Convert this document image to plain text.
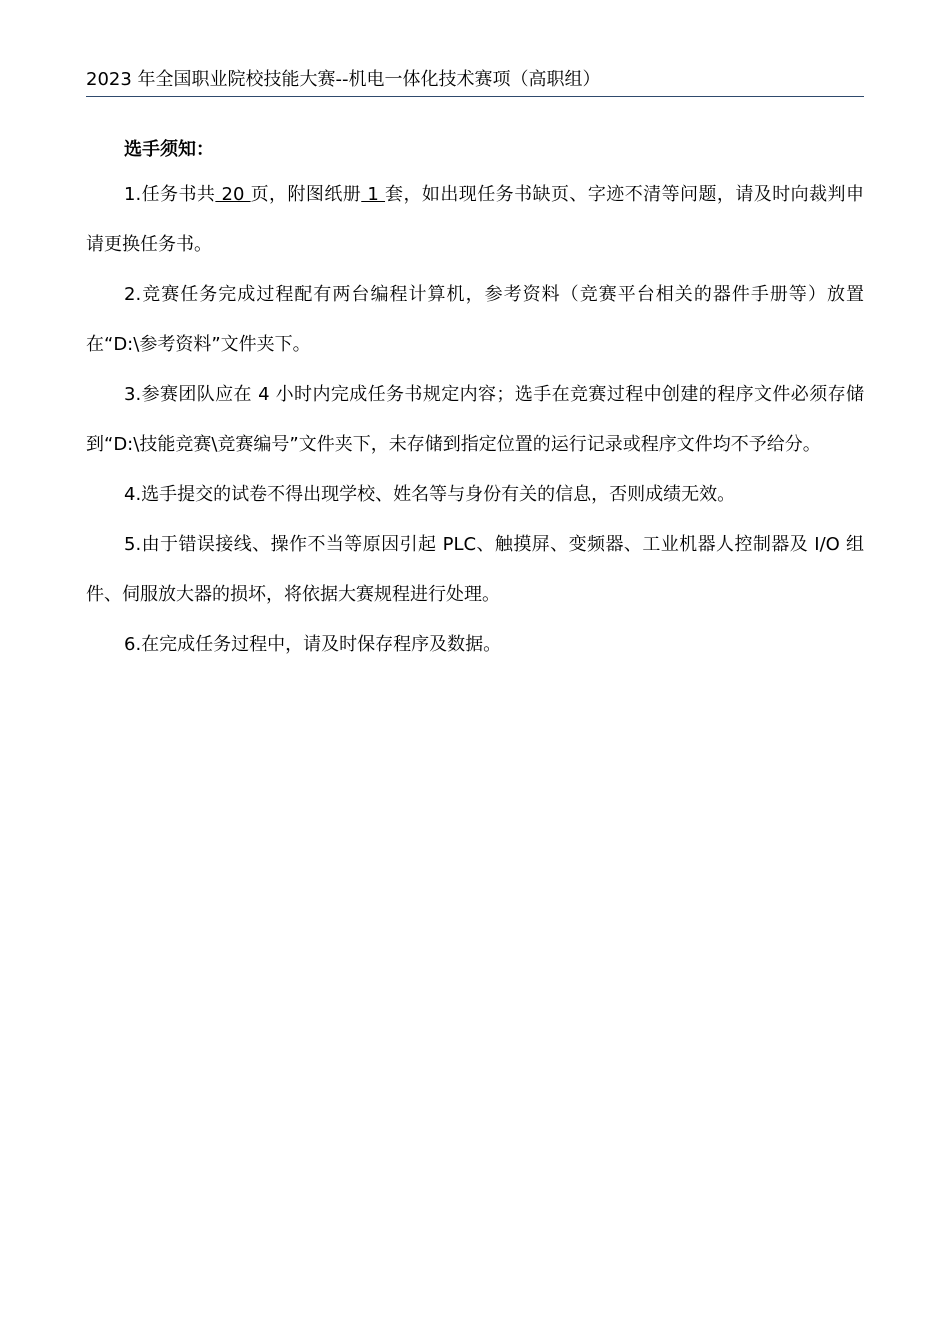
2023 年全国职业院校技能大赛--机电一体化技术赛项（高职组）

选手须知：

1.任务书共 20 页，附图纸册 1 套，如出现任务书缺页、字迹不清等问题，请及时向裁判申请更换任务书。

2.竞赛任务完成过程配有两台编程计算机，参考资料（竞赛平台相关的器件手册等）放置在“D:\参考资料”文件夹下。

3.参赛团队应在 4 小时内完成任务书规定内容；选手在竞赛过程中创建的程序文件必须存储到“D:\技能竞赛\竞赛编号”文件夹下，未存储到指定位置的运行记录或程序文件均不予给分。

4.选手提交的试卷不得出现学校、姓名等与身份有关的信息，否则成绩无效。

5.由于错误接线、操作不当等原因引起 PLC、触摸屏、变频器、工业机器人控制器及 I/O 组件、伺服放大器的损坏，将依据大赛规程进行处理。

6.在完成任务过程中，请及时保存程序及数据。
